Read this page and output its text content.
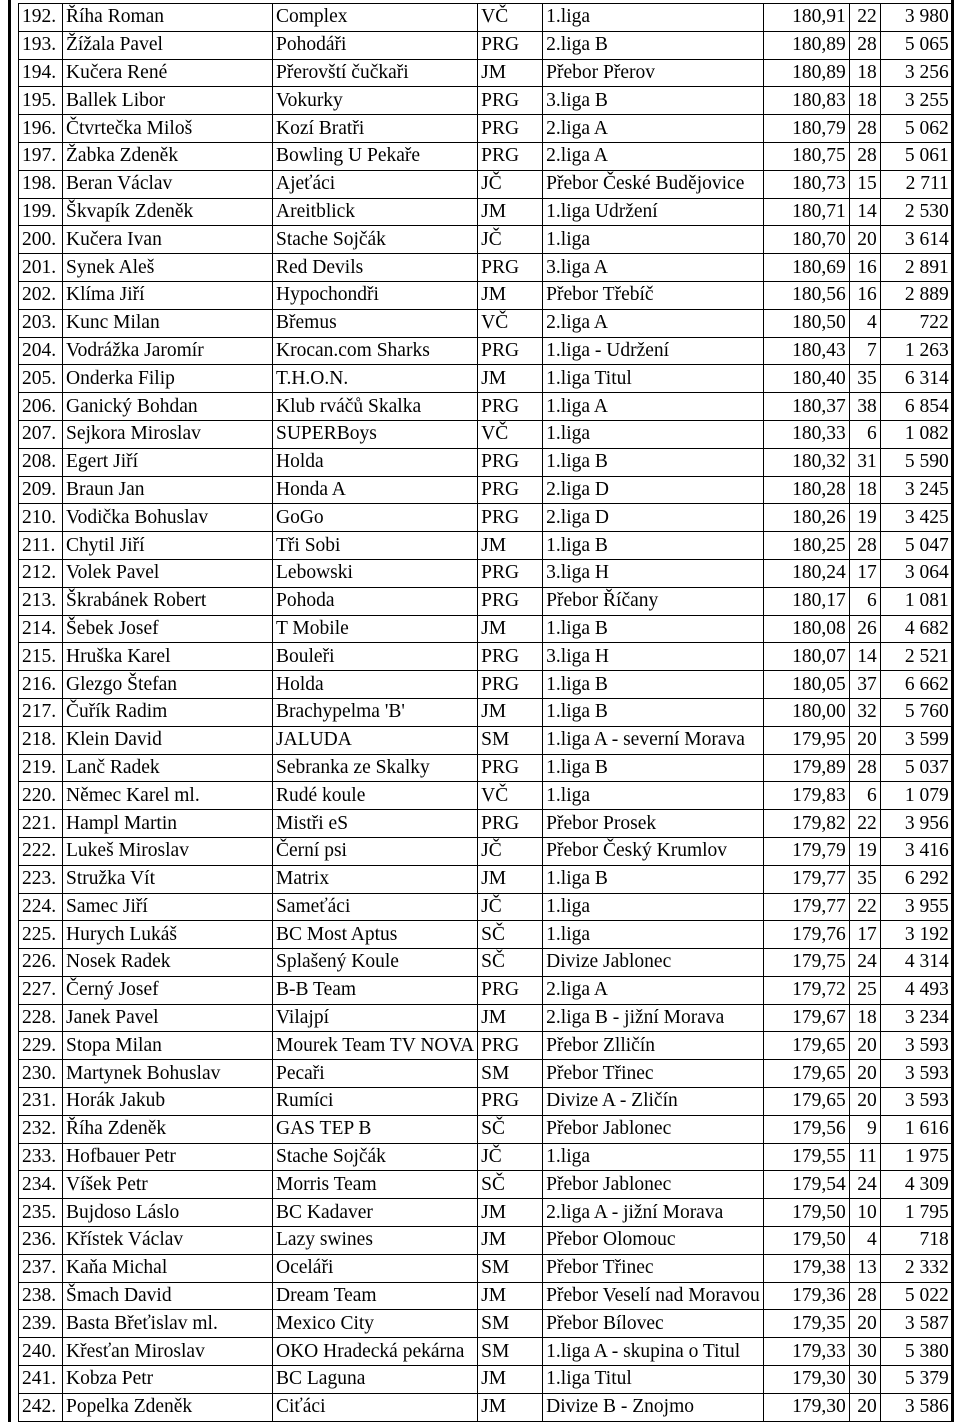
192.	Říha Roman	Complex	VČ	1.liga	180,91	22	3 980
193.	Žížala Pavel	Pohodáři	PRG	2.liga B	180,89	28	5 065
194.	Kučera René	Přerovští čučkaři	JM	Přebor Přerov	180,89	18	3 256
195.	Ballek Libor	Vokurky	PRG	3.liga B	180,83	18	3 255
196.	Čtvrtečka Miloš	Kozí Bratři	PRG	2.liga A	180,79	28	5 062
197.	Žabka Zdeněk	Bowling U Pekaře	PRG	2.liga A	180,75	28	5 061
198.	Beran Václav	Ajeťáci	JČ	Přebor České Budějovice	180,73	15	2 711
199.	Škvapík Zdeněk	Areitblick	JM	1.liga Udržení	180,71	14	2 530
200.	Kučera Ivan	Stache Sojčák	JČ	1.liga	180,70	20	3 614
201.	Synek Aleš	Red Devils	PRG	3.liga A	180,69	16	2 891
202.	Klíma Jiří	Hypochondři	JM	Přebor Třebíč	180,56	16	2 889
203.	Kunc Milan	Břemus	VČ	2.liga A	180,50	4	722
204.	Vodrážka Jaromír	Krocan.com Sharks	PRG	1.liga - Udržení	180,43	7	1 263
205.	Onderka Filip	T.H.O.N.	JM	1.liga Titul	180,40	35	6 314
206.	Ganický Bohdan	Klub rváčů Skalka	PRG	1.liga A	180,37	38	6 854
207.	Sejkora Miroslav	SUPERBoys	VČ	1.liga	180,33	6	1 082
208.	Egert Jiří	Holda	PRG	1.liga B	180,32	31	5 590
209.	Braun Jan	Honda A	PRG	2.liga D	180,28	18	3 245
210.	Vodička Bohuslav	GoGo	PRG	2.liga D	180,26	19	3 425
211.	Chytil Jiří	Tři Sobi	JM	1.liga B	180,25	28	5 047
212.	Volek Pavel	Lebowski	PRG	3.liga H	180,24	17	3 064
213.	Škrabánek Robert	Pohoda	PRG	Přebor Říčany	180,17	6	1 081
214.	Šebek Josef	T Mobile	JM	1.liga B	180,08	26	4 682
215.	Hruška Karel	Bouleři	PRG	3.liga H	180,07	14	2 521
216.	Glezgo Štefan	Holda	PRG	1.liga B	180,05	37	6 662
217.	Čuřík Radim	Brachypelma 'B'	JM	1.liga B	180,00	32	5 760
218.	Klein David	JALUDA	SM	1.liga A - severní Morava	179,95	20	3 599
219.	Lanč Radek	Sebranka ze Skalky	PRG	1.liga B	179,89	28	5 037
220.	Němec Karel ml.	Rudé koule	VČ	1.liga	179,83	6	1 079
221.	Hampl Martin	Mistři eS	PRG	Přebor Prosek	179,82	22	3 956
222.	Lukeš Miroslav	Černí psi	JČ	Přebor Český Krumlov	179,79	19	3 416
223.	Stružka Vít	Matrix	JM	1.liga B	179,77	35	6 292
224.	Samec Jiří	Sameťáci	JČ	1.liga	179,77	22	3 955
225.	Hurych Lukáš	BC Most Aptus	SČ	1.liga	179,76	17	3 192
226.	Nosek Radek	Splašený Koule	SČ	Divize Jablonec	179,75	24	4 314
227.	Černý Josef	B-B Team	PRG	2.liga A	179,72	25	4 493
228.	Janek Pavel	Vilajpí	JM	2.liga B - jižní Morava	179,67	18	3 234
229.	Stopa Milan	Mourek Team TV NOVA	PRG	Přebor Zlličín	179,65	20	3 593
230.	Martynek Bohuslav	Pecaři	SM	Přebor Třinec	179,65	20	3 593
231.	Horák Jakub	Rumíci	PRG	Divize A - Zličín	179,65	20	3 593
232.	Říha Zdeněk	GAS TEP B	SČ	Přebor Jablonec	179,56	9	1 616
233.	Hofbauer Petr	Stache Sojčák	JČ	1.liga	179,55	11	1 975
234.	Víšek Petr	Morris Team	SČ	Přebor Jablonec	179,54	24	4 309
235.	Bujdoso Láslo	BC Kadaver	JM	2.liga A - jižní Morava	179,50	10	1 795
236.	Křístek Václav	Lazy swines	JM	Přebor Olomouc	179,50	4	718
237.	Kaňa Michal	Oceláři	SM	Přebor Třinec	179,38	13	2 332
238.	Šmach David	Dream Team	JM	Přebor Veselí nad Moravou	179,36	28	5 022
239.	Basta Břeťislav ml.	Mexico City	SM	Přebor Bílovec	179,35	20	3 587
240.	Křesťan Miroslav	OKO Hradecká pekárna	SM	1.liga A - skupina o Titul	179,33	30	5 380
241.	Kobza Petr	BC Laguna	JM	1.liga Titul	179,30	30	5 379
242.	Popelka Zdeněk	Ciťáci	JM	Divize B - Znojmo	179,30	20	3 586
